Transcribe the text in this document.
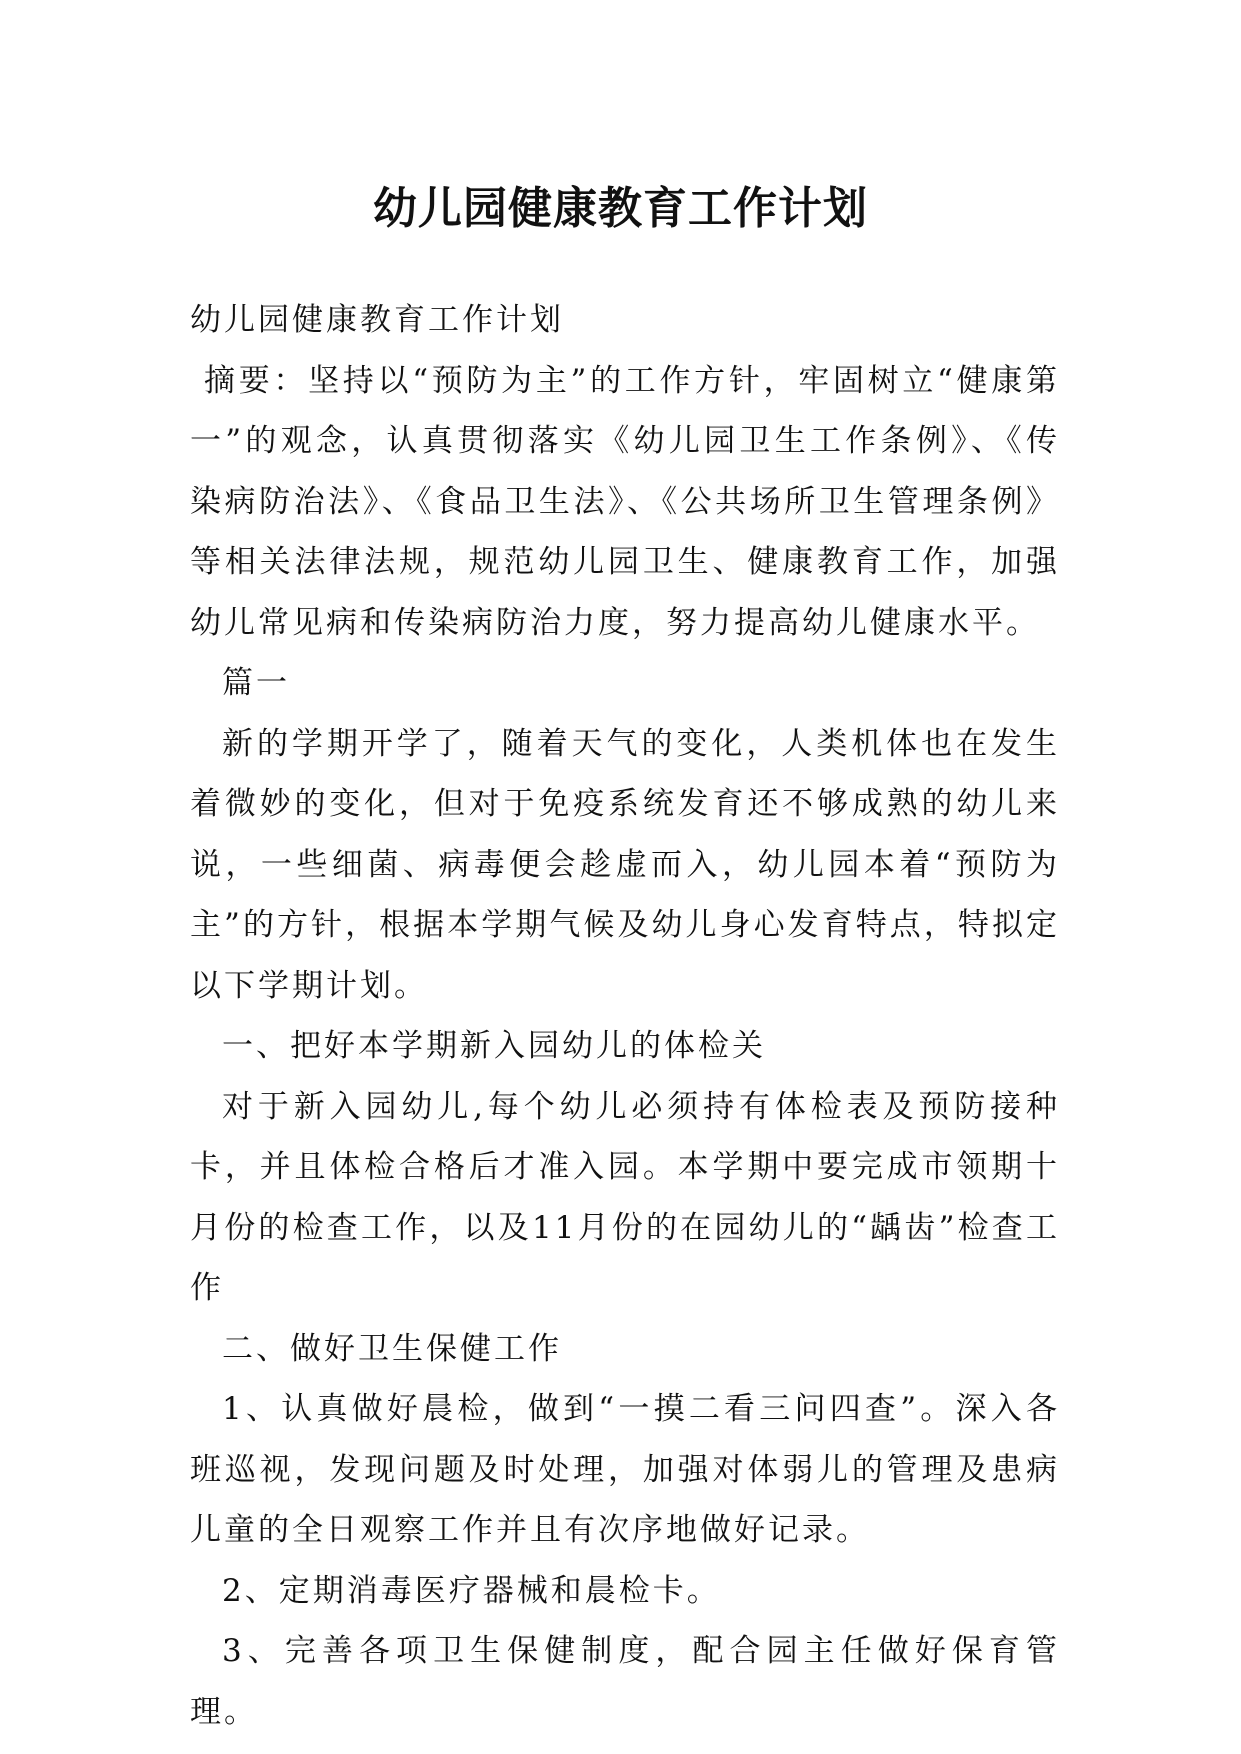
幼儿园健康教育工作计划

幼儿园健康教育工作计划

摘要：坚持以“预防为主”的工作方针，牢固树立“健康第一”的观念，认真贯彻落实《幼儿园卫生工作条例》、《传染病防治法》、《食品卫生法》、《公共场所卫生管理条例》等相关法律法规，规范幼儿园卫生、健康教育工作，加强幼儿常见病和传染病防治力度，努力提高幼儿健康水平。

篇一

新的学期开学了，随着天气的变化，人类机体也在发生着微妙的变化，但对于免疫系统发育还不够成熟的幼儿来说，一些细菌、病毒便会趁虚而入，幼儿园本着“预防为主”的方针，根据本学期气候及幼儿身心发育特点，特拟定以下学期计划。

一、把好本学期新入园幼儿的体检关

对于新入园幼儿,每个幼儿必须持有体检表及预防接种卡，并且体检合格后才准入园。本学期中要完成市领期十月份的检查工作，以及11月份的在园幼儿的“龋齿”检查工作

二、做好卫生保健工作

1、认真做好晨检，做到“一摸二看三问四查”。深入各班巡视，发现问题及时处理，加强对体弱儿的管理及患病儿童的全日观察工作并且有次序地做好记录。

2、定期消毒医疗器械和晨检卡。

3、完善各项卫生保健制度，配合园主任做好保育管理。
